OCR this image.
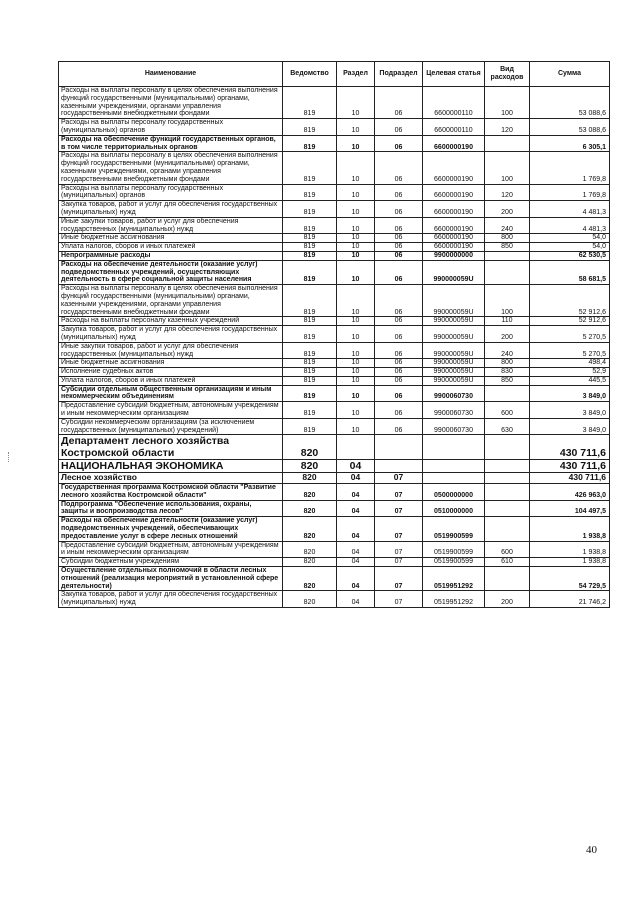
Наименование	Ведомство	Раздел	Подраздел	Целевая статья	Вид расходов	Сумма
Расходы на выплаты персоналу в целях обеспечения выполнения функций государственными (муниципальными) органами, казенными учреждениями, органами управления государственными внебюджетными фондами	819	10	06	6600000110	100	53 088,6
Расходы на выплаты персоналу государственных (муниципальных) органов	819	10	06	6600000110	120	53 088,6
Расходы на обеспечение функций государственных органов, в том числе территориальных органов	819	10	06	6600000190		6 305,1
Расходы на выплаты персоналу в целях обеспечения выполнения функций государственными (муниципальными) органами, казенными учреждениями, органами управления государственными внебюджетными фондами	819	10	06	6600000190	100	1 769,8
Расходы на выплаты персоналу государственных (муниципальных) органов	819	10	06	6600000190	120	1 769,8
Закупка товаров, работ и услуг для обеспечения государственных (муниципальных) нужд	819	10	06	6600000190	200	4 481,3
Иные закупки товаров, работ и услуг для обеспечения государственных (муниципальных) нужд	819	10	06	6600000190	240	4 481,3
Иные бюджетные ассигнования	819	10	06	6600000190	800	54,0
Уплата налогов, сборов и иных платежей	819	10	06	6600000190	850	54,0
Непрограммные расходы	819	10	06	9900000000		62 530,5
Расходы на обеспечение деятельности (оказание услуг) подведомственных учреждений, осуществляющих деятельность в сфере социальной защиты населения	819	10	06	990000059U		58 681,5
Расходы на выплаты персоналу в целях обеспечения выполнения функций государственными (муниципальными) органами, казенными учреждениями, органами управления государственными внебюджетными фондами	819	10	06	990000059U	100	52 912,6
Расходы на выплаты персоналу казенных учреждений	819	10	06	990000059U	110	52 912,6
Закупка товаров, работ и услуг для обеспечения государственных (муниципальных) нужд	819	10	06	990000059U	200	5 270,5
Иные закупки товаров, работ и услуг для обеспечения государственных (муниципальных) нужд	819	10	06	990000059U	240	5 270,5
Иные бюджетные ассигнования	819	10	06	990000059U	800	498,4
Исполнение судебных актов	819	10	06	990000059U	830	52,9
Уплата налогов, сборов и иных платежей	819	10	06	990000059U	850	445,5
Субсидии отдельным общественным организациям и иным некоммерческим объединениям	819	10	06	9900060730		3 849,0
Предоставление субсидий бюджетным, автономным учреждениям и иным некоммерческим организациям	819	10	06	9900060730	600	3 849,0
Субсидии некоммерческим организациям (за исключением государственных (муниципальных) учреждений)	819	10	06	9900060730	630	3 849,0
Департамент лесного хозяйства Костромской области	820					430 711,6
НАЦИОНАЛЬНАЯ ЭКОНОМИКА	820	04				430 711,6
Лесное хозяйство	820	04	07			430 711,6
Государственная программа Костромской области "Развитие лесного хозяйства Костромской области"	820	04	07	0500000000		426 963,0
Подпрограмма "Обеспечение использования, охраны, защиты и воспроизводства лесов"	820	04	07	0510000000		104 497,5
Расходы на обеспечение деятельности (оказание услуг) подведомственных учреждений, обеспечивающих предоставление услуг в сфере лесных отношений	820	04	07	0519900599		1 938,8
Предоставление субсидий бюджетным, автономным учреждениям и иным некоммерческим организациям	820	04	07	0519900599	600	1 938,8
Субсидии бюджетным учреждениям	820	04	07	0519900599	610	1 938,8
Осуществление отдельных полномочий в области лесных отношений (реализация мероприятий в установленной сфере деятельности)	820	04	07	0519951292		54 729,5
Закупка товаров, работ и услуг для обеспечения государственных (муниципальных) нужд	820	04	07	0519951292	200	21 746,2
40
